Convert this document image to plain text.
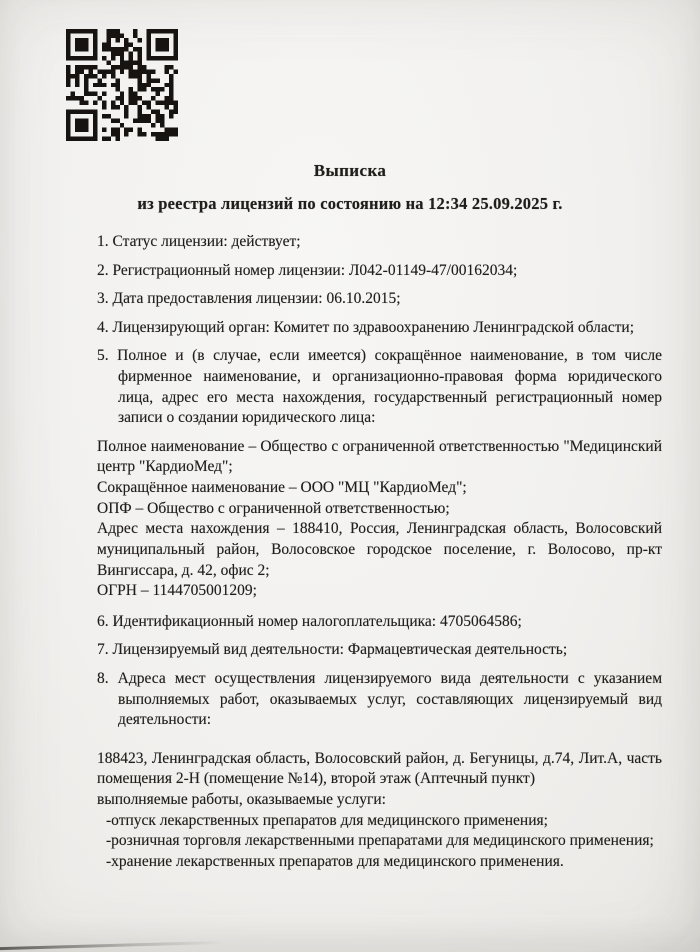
Выписка
из реестра лицензий по состоянию на 12:34 25.09.2025 г.
1. Статус лицензии: действует;
2. Регистрационный номер лицензии: Л042-01149-47/00162034;
3. Дата предоставления лицензии: 06.10.2015;
4. Лицензирующий орган: Комитет по здравоохранению Ленинградской области;
5. Полное и (в случае, если имеется) сокращённое наименование, в том числе фирменное наименование, и организационно-правовая форма юридического лица, адрес его места нахождения, государственный регистрационный номер записи о создании юридического лица:
Полное наименование – Общество с ограниченной ответственностью "Медицинский центр "КардиоМед";
Сокращённое наименование – ООО "МЦ "КардиоМед";
ОПФ – Общество с ограниченной ответственностью;
Адрес места нахождения – 188410, Россия, Ленинградская область, Волосовский муниципальный район, Волосовское городское поселение, г. Волосово, пр-кт Вингиссара, д. 42, офис 2;
ОГРН – 1144705001209;
6. Идентификационный номер налогоплательщика: 4705064586;
7. Лицензируемый вид деятельности: Фармацевтическая деятельность;
8. Адреса мест осуществления лицензируемого вида деятельности с указанием выполняемых работ, оказываемых услуг, составляющих лицензируемый вид деятельности:
188423, Ленинградская область, Волосовский район, д. Бегуницы, д.74, Лит.А, часть помещения 2-Н (помещение №14), второй этаж (Аптечный пункт)
выполняемые работы, оказываемые услуги:
-отпуск лекарственных препаратов для медицинского применения;
-розничная торговля лекарственными препаратами для медицинского применения;
-хранение лекарственных препаратов для медицинского применения.
